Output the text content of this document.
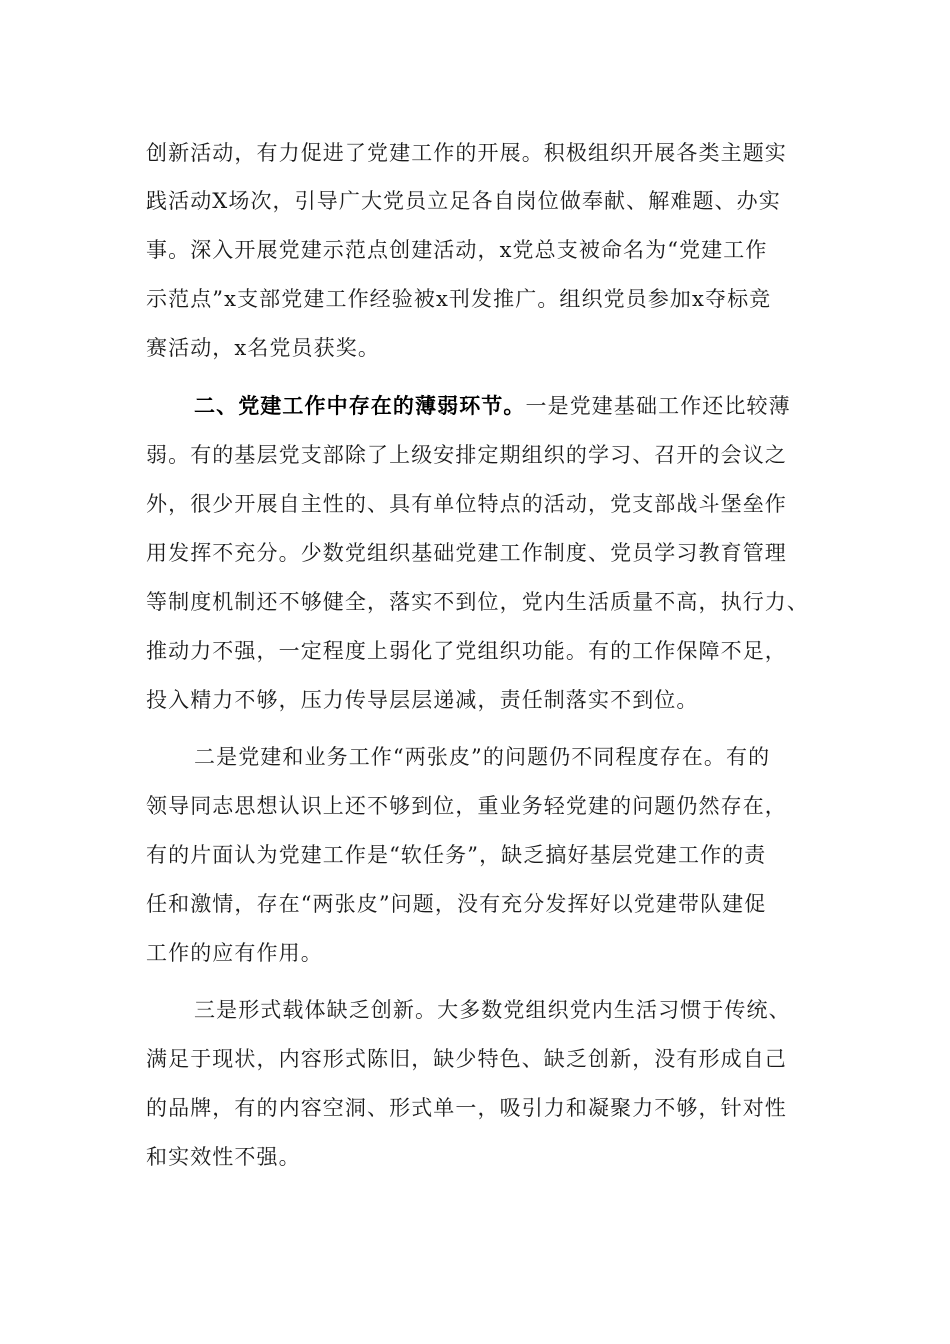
创新活动，有力促进了党建工作的开展。积极组织开展各类主题实

践活动X场次，引导广大党员立足各自岗位做奉献、解难题、办实

事。深入开展党建示范点创建活动，x党总支被命名为“党建工作

示范点”x支部党建工作经验被x刊发推广。组织党员参加x夺标竞

赛活动，x名党员获奖。

二、党建工作中存在的薄弱环节。一是党建基础工作还比较薄

弱。有的基层党支部除了上级安排定期组织的学习、召开的会议之

外，很少开展自主性的、具有单位特点的活动，党支部战斗堡垒作

用发挥不充分。少数党组织基础党建工作制度、党员学习教育管理

等制度机制还不够健全，落实不到位，党内生活质量不高，执行力、

推动力不强，一定程度上弱化了党组织功能。有的工作保障不足，

投入精力不够，压力传导层层递减，责任制落实不到位。

二是党建和业务工作“两张皮”的问题仍不同程度存在。有的

领导同志思想认识上还不够到位，重业务轻党建的问题仍然存在，

有的片面认为党建工作是“软任务”，缺乏搞好基层党建工作的责

任和激情，存在“两张皮”问题，没有充分发挥好以党建带队建促

工作的应有作用。

三是形式载体缺乏创新。大多数党组织党内生活习惯于传统、

满足于现状，内容形式陈旧，缺少特色、缺乏创新，没有形成自己

的品牌，有的内容空洞、形式单一，吸引力和凝聚力不够，针对性

和实效性不强。
